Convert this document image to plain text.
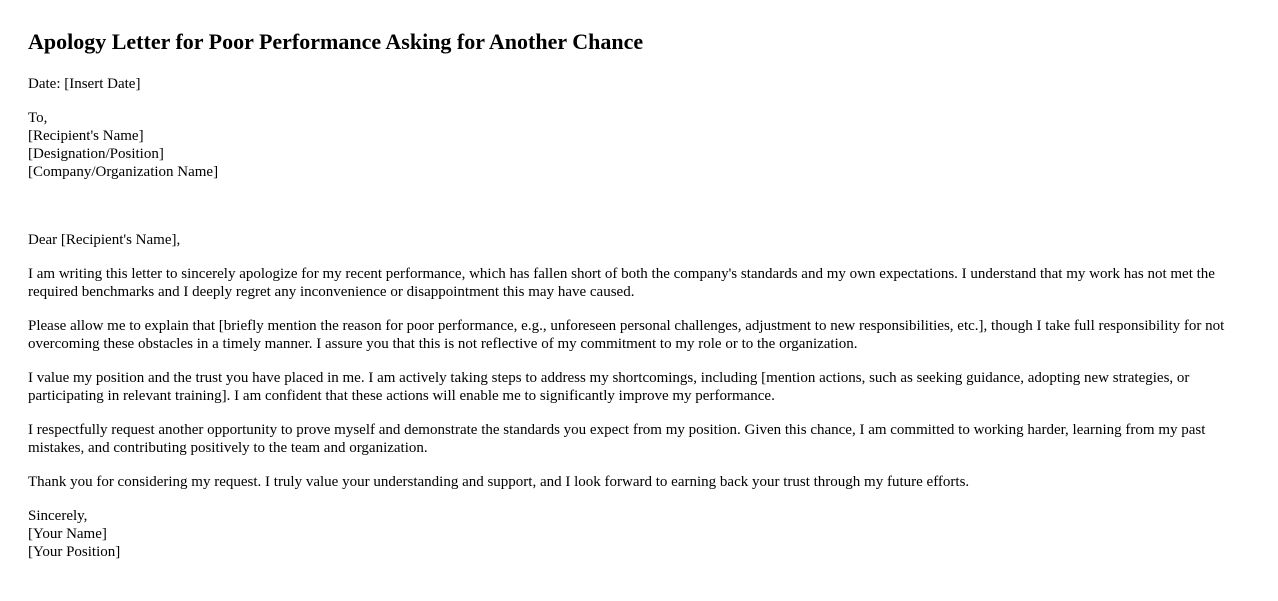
Apology Letter for Poor Performance Asking for Another Chance

Date: [Insert Date]

To,
[Recipient's Name]
[Designation/Position]
[Company/Organization Name]

Dear [Recipient's Name],

I am writing this letter to sincerely apologize for my recent performance, which has fallen short of both the company's standards and my own expectations. I understand that my work has not met the required benchmarks and I deeply regret any inconvenience or disappointment this may have caused.

Please allow me to explain that [briefly mention the reason for poor performance, e.g., unforeseen personal challenges, adjustment to new responsibilities, etc.], though I take full responsibility for not overcoming these obstacles in a timely manner. I assure you that this is not reflective of my commitment to my role or to the organization.

I value my position and the trust you have placed in me. I am actively taking steps to address my shortcomings, including [mention actions, such as seeking guidance, adopting new strategies, or participating in relevant training]. I am confident that these actions will enable me to significantly improve my performance.

I respectfully request another opportunity to prove myself and demonstrate the standards you expect from my position. Given this chance, I am committed to working harder, learning from my past mistakes, and contributing positively to the team and organization.

Thank you for considering my request. I truly value your understanding and support, and I look forward to earning back your trust through my future efforts.

Sincerely,
[Your Name]
[Your Position]
